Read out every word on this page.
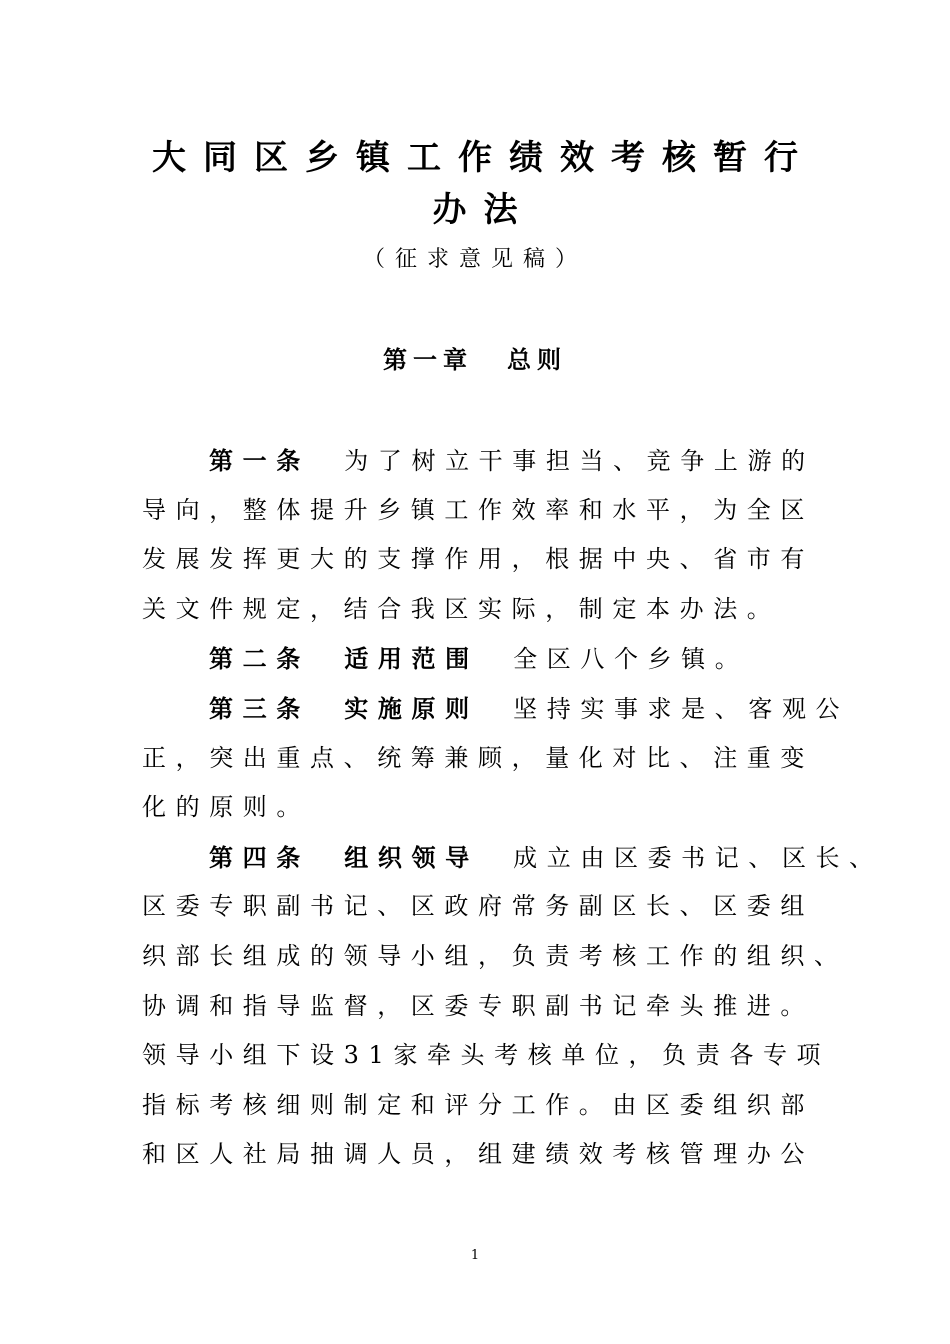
大同区乡镇工作绩效考核暂行
办法
（征求意见稿）
第一章 总则
第一条 为了树立干事担当、竞争上游的
导向，整体提升乡镇工作效率和水平，为全区
发展发挥更大的支撑作用，根据中央、省市有
关文件规定，结合我区实际，制定本办法。
第二条 适用范围 全区八个乡镇。
第三条 实施原则 坚持实事求是、客观公
正，突出重点、统筹兼顾，量化对比、注重变
化的原则。
第四条 组织领导 成立由区委书记、区长、
区委专职副书记、区政府常务副区长、区委组
织部长组成的领导小组，负责考核工作的组织、
协调和指导监督，区委专职副书记牵头推进。
领导小组下设31家牵头考核单位，负责各专项
指标考核细则制定和评分工作。由区委组织部
和区人社局抽调人员，组建绩效考核管理办公
1
